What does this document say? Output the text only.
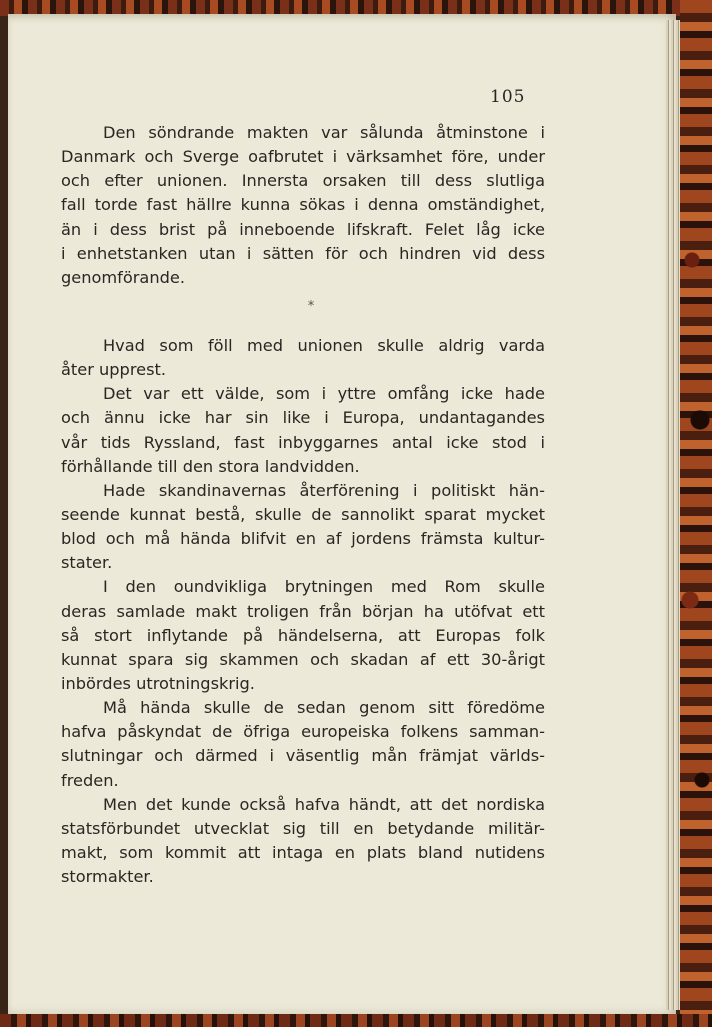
105
Den söndrande makten var sålunda åtminstone i
Danmark och Sverge oafbrutet i värksamhet före, under
och efter unionen. Innersta orsaken till dess slutliga
fall torde fast hällre kunna sökas i denna omständighet,
än i dess brist på inneboende lifskraft. Felet låg icke
i enhetstanken utan i sätten för och hindren vid dess
genomförande.
*
Hvad som föll med unionen skulle aldrig varda
åter upprest.
Det var ett välde, som i yttre omfång icke hade
och ännu icke har sin like i Europa, undantagandes
vår tids Ryssland, fast inbyggarnes antal icke stod i
förhållande till den stora landvidden.
Hade skandinavernas återförening i politiskt hän-
seende kunnat bestå, skulle de sannolikt sparat mycket
blod och må hända blifvit en af jordens främsta kultur-
stater.
I den oundvikliga brytningen med Rom skulle
deras samlade makt troligen från början ha utöfvat ett
så stort inflytande på händelserna, att Europas folk
kunnat spara sig skammen och skadan af ett 30-årigt
inbördes utrotningskrig.
Må hända skulle de sedan genom sitt föredöme
hafva påskyndat de öfriga europeiska folkens samman-
slutningar och därmed i väsentlig mån främjat världs-
freden.
Men det kunde också hafva händt, att det nordiska
statsförbundet utvecklat sig till en betydande militär-
makt, som kommit att intaga en plats bland nutidens
stormakter.
